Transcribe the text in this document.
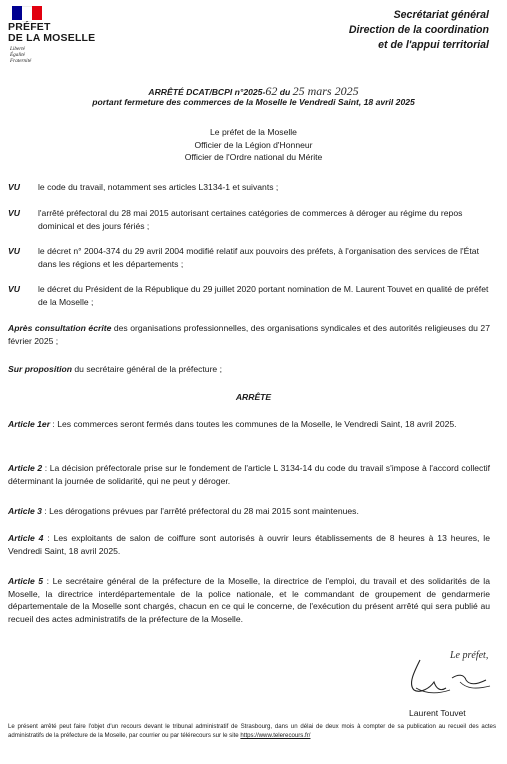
PRÉFET
DE LA MOSELLE
Liberté
Égalité
Fraternité
Secrétariat général
Direction de la coordination
et de l'appui territorial
ARRÊTÉ DCAT/BCPI n°2025-62 du 25 mars 2025
portant fermeture des commerces de la Moselle le Vendredi Saint, 18 avril 2025
Le préfet de la Moselle
Officier de la Légion d'Honneur
Officier de l'Ordre national du Mérite
VU	le code du travail, notamment ses articles L3134-1 et suivants ;
VU	l'arrêté préfectoral du 28 mai 2015 autorisant certaines catégories de commerces à déroger au régime du repos dominical et des jours fériés ;
VU	le décret n° 2004-374 du 29 avril 2004 modifié relatif aux pouvoirs des préfets, à l'organisation des services de l'État dans les régions et les départements ;
VU	le décret du Président de la République du 29 juillet 2020 portant nomination de M. Laurent Touvet en qualité de préfet de la Moselle ;
Après consultation écrite des organisations professionnelles, des organisations syndicales et des autorités religieuses du 27 février 2025 ;
Sur proposition du secrétaire général de la préfecture ;
ARRÊTE
Article 1er : Les commerces seront fermés dans toutes les communes de la Moselle, le Vendredi Saint, 18 avril 2025.
Article 2 : La décision préfectorale prise sur le fondement de l'article L 3134-14 du code du travail s'impose à l'accord collectif déterminant la journée de solidarité, qui ne peut y déroger.
Article 3 : Les dérogations prévues par l'arrêté préfectoral du 28 mai 2015 sont maintenues.
Article 4 : Les exploitants de salon de coiffure sont autorisés à ouvrir leurs établissements de 8 heures à 13 heures, le Vendredi Saint, 18 avril 2025.
Article 5 : Le secrétaire général de la préfecture de la Moselle, la directrice de l'emploi, du travail et des solidarités de la Moselle, la directrice interdépartementale de la police nationale, et le commandant de groupement de gendarmerie départementale de la Moselle sont chargés, chacun en ce qui le concerne, de l'exécution du présent arrêté qui sera publié au recueil des actes administratifs de la préfecture de la Moselle.
Le préfet,
Laurent Touvet
Le présent arrêté peut faire l'objet d'un recours devant le tribunal administratif de Strasbourg, dans un délai de deux mois à compter de sa publication au recueil des actes administratifs de la préfecture de la Moselle, par courrier ou par télérecours sur le site https://www.telerecours.fr/
